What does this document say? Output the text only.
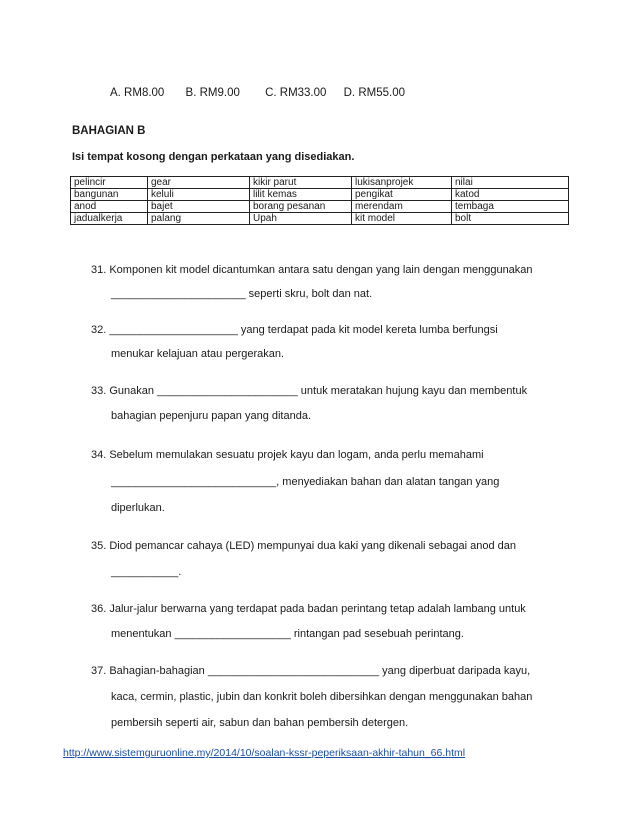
A. RM8.00 B. RM9.00 C. RM33.00 D. RM55.00
BAHAGIAN B
Isi tempat kosong dengan perkataan yang disediakan.
pelincir	gear	kikir parut	lukisanprojek	nilai
bangunan	keluli	lilit kemas	pengikat	katod
anod	bajet	borang pesanan	merendam	tembaga
jadualkerja	palang	Upah	kit model	bolt
31. Komponen kit model dicantumkan antara satu dengan yang lain dengan menggunakan
______________________ seperti skru, bolt dan nat.
32. _____________________ yang terdapat pada kit model kereta lumba berfungsi
menukar kelajuan atau pergerakan.
33. Gunakan _______________________ untuk meratakan hujung kayu dan membentuk
bahagian pepenjuru papan yang ditanda.
34. Sebelum memulakan sesuatu projek kayu dan logam, anda perlu memahami
___________________________, menyediakan bahan dan alatan tangan yang
diperlukan.
35. Diod pemancar cahaya (LED) mempunyai dua kaki yang dikenali sebagai anod dan
___________.
36. Jalur-jalur berwarna yang terdapat pada badan perintang tetap adalah lambang untuk
menentukan ___________________ rintangan pad sesebuah perintang.
37. Bahagian-bahagian ____________________________ yang diperbuat daripada kayu,
kaca, cermin, plastic, jubin dan konkrit boleh dibersihkan dengan menggunakan bahan
pembersih seperti air, sabun dan bahan pembersih detergen.
http://www.sistemguruonline.my/2014/10/soalan-kssr-peperiksaan-akhir-tahun_66.html
